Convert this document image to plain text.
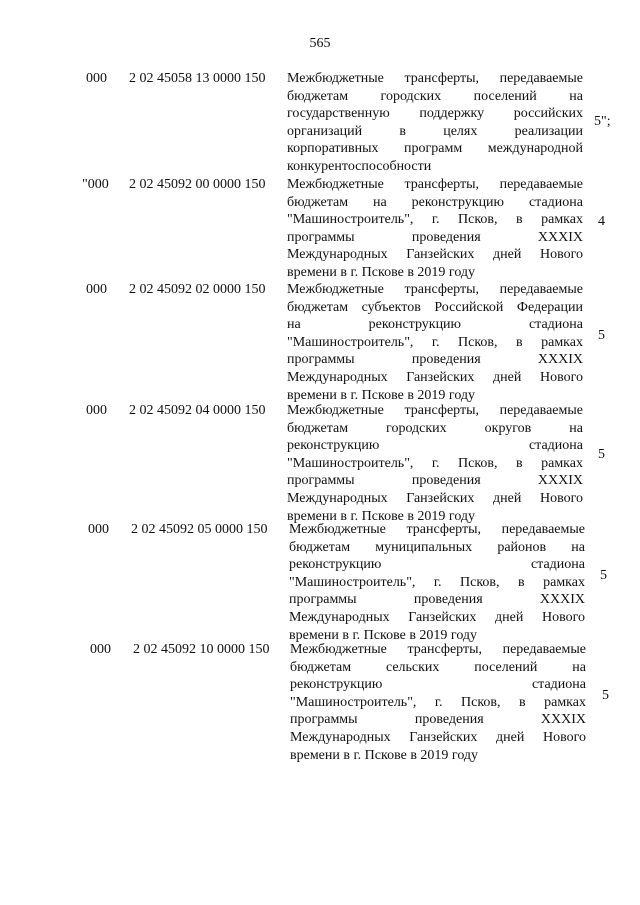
565
000 2 02 45058 13 0000 150 Межбюджетные трансферты, передаваемые
бюджетам городских поселений на
государственную поддержку российских
организаций в целях реализации
корпоративных программ международной
конкурентоспособности
5";
"000 2 02 45092 00 0000 150 Межбюджетные трансферты, передаваемые
бюджетам на реконструкцию стадиона
"Машиностроитель", г. Псков, в рамках
программы проведения XXXIX
Международных Ганзейских дней Нового
времени в г. Пскове в 2019 году
4
000 2 02 45092 02 0000 150 Межбюджетные трансферты, передаваемые
бюджетам субъектов Российской Федерации
на реконструкцию стадиона
"Машиностроитель", г. Псков, в рамках
программы проведения XXXIX
Международных Ганзейских дней Нового
времени в г. Пскове в 2019 году
5
000 2 02 45092 04 0000 150 Межбюджетные трансферты, передаваемые
бюджетам городских округов на
реконструкцию стадиона
"Машиностроитель", г. Псков, в рамках
программы проведения XXXIX
Международных Ганзейских дней Нового
времени в г. Пскове в 2019 году
5
000 2 02 45092 05 0000 150 Межбюджетные трансферты, передаваемые
бюджетам муниципальных районов на
реконструкцию стадиона
"Машиностроитель", г. Псков, в рамках
программы проведения XXXIX
Международных Ганзейских дней Нового
времени в г. Пскове в 2019 году
5
000 2 02 45092 10 0000 150 Межбюджетные трансферты, передаваемые
бюджетам сельских поселений на
реконструкцию стадиона
"Машиностроитель", г. Псков, в рамках
программы проведения XXXIX
Международных Ганзейских дней Нового
времени в г. Пскове в 2019 году
5
